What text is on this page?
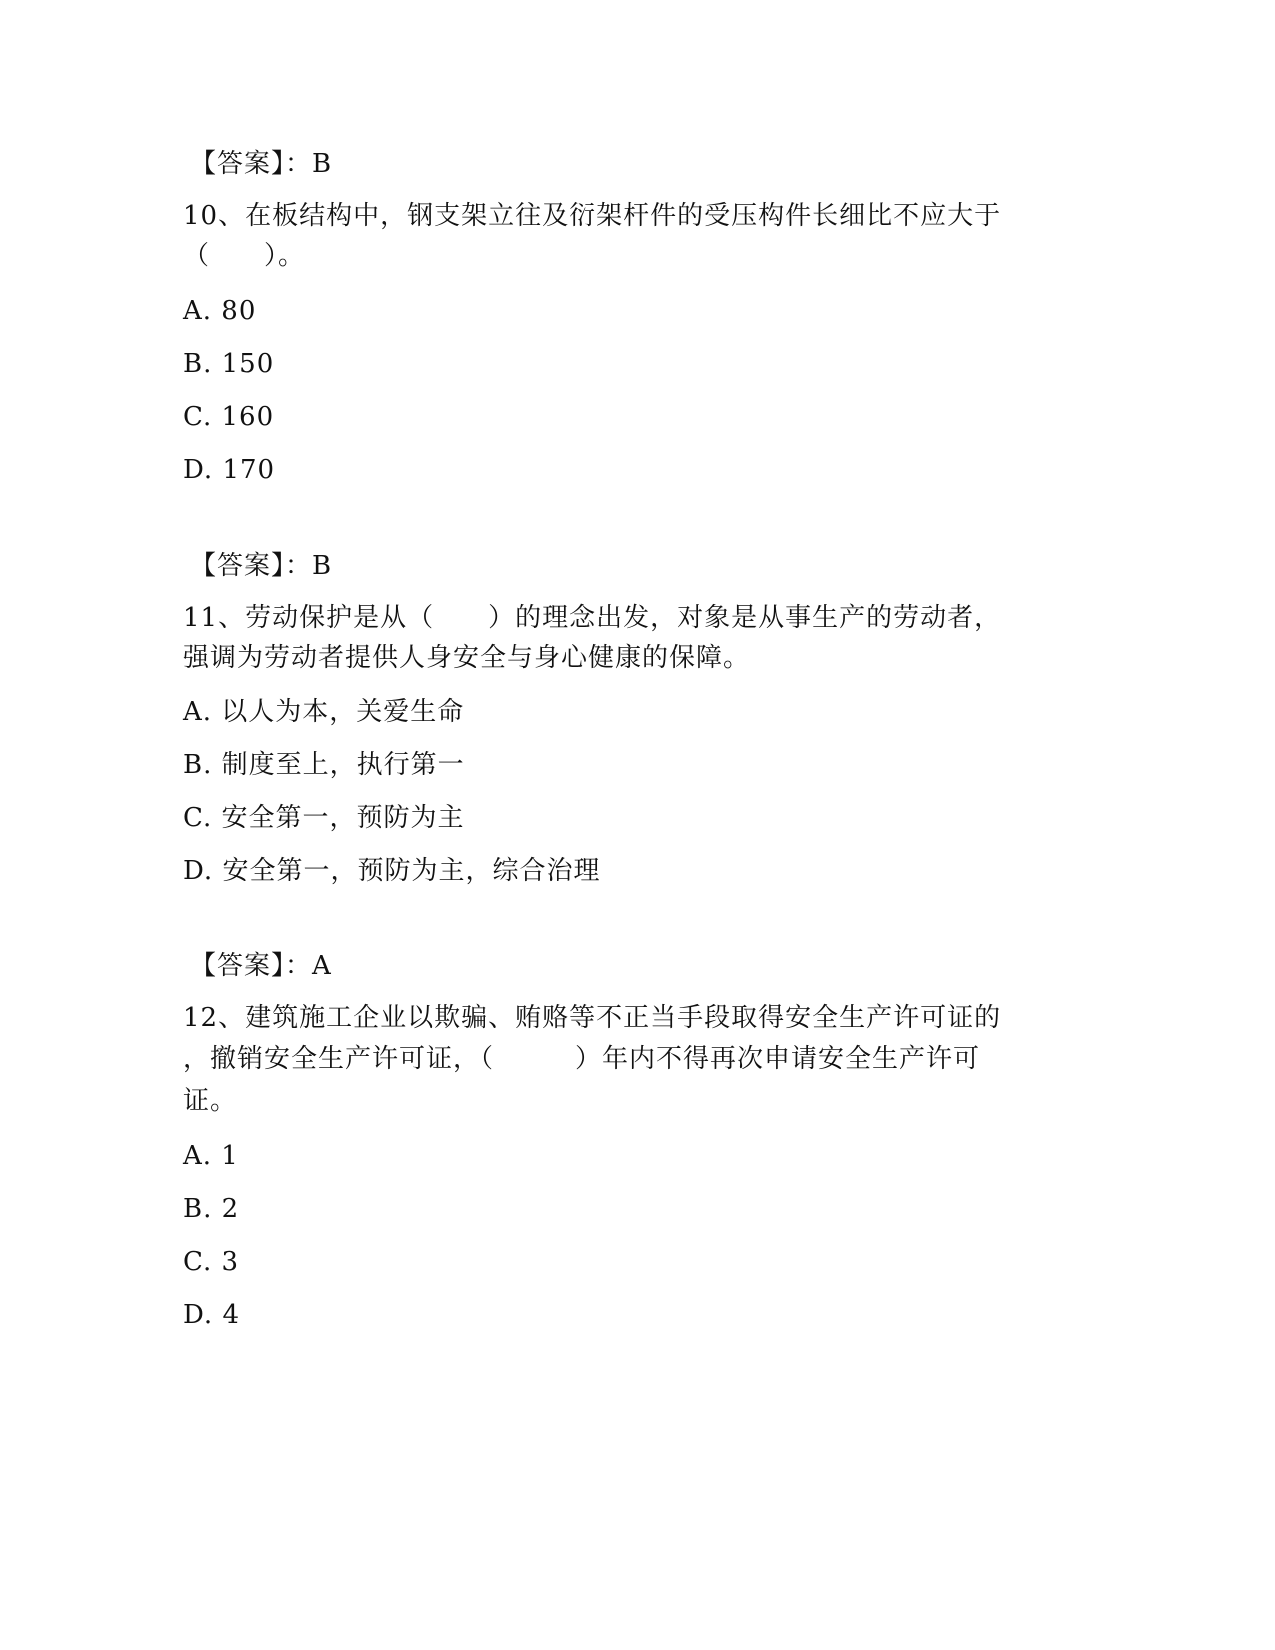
【答案】：B
10、在板结构中，钢支架立往及衍架杆件的受压构件长细比不应大于
（　　）。
A. 80
B. 150
C. 160
D. 170
【答案】：B
11、劳动保护是从（　　）的理念出发，对象是从事生产的劳动者，
强调为劳动者提供人身安全与身心健康的保障。
A. 以人为本，关爱生命
B. 制度至上，执行第一
C. 安全第一，预防为主
D. 安全第一，预防为主，综合治理
【答案】：A
12、建筑施工企业以欺骗、贿赂等不正当手段取得安全生产许可证的
，撤销安全生产许可证，（　　　）年内不得再次申请安全生产许可
证。
A. 1
B. 2
C. 3
D. 4
